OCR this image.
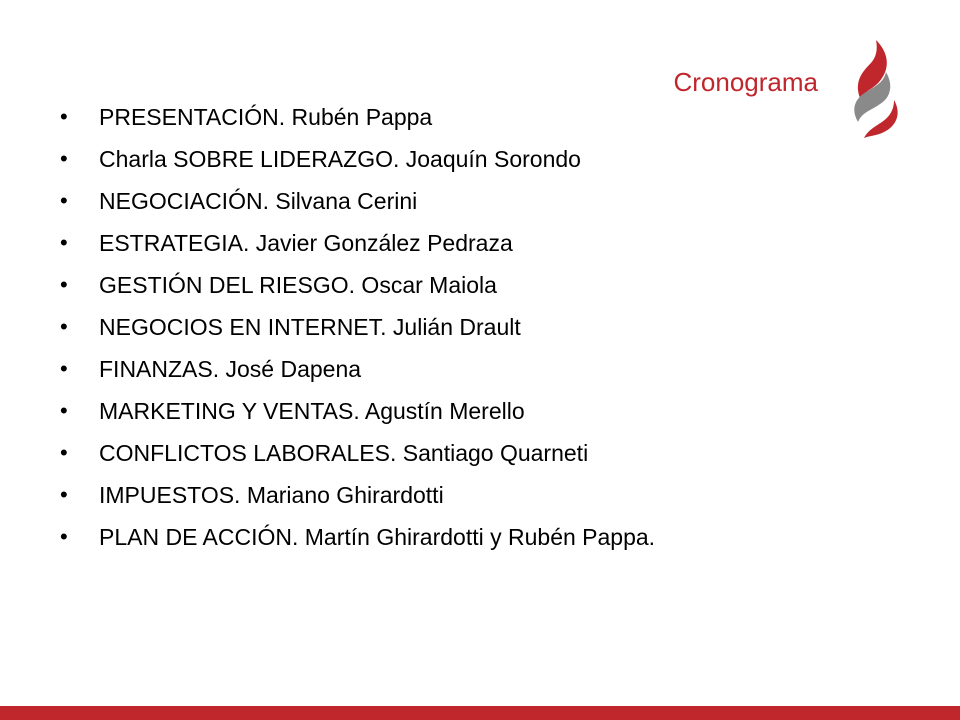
Cronograma
• PRESENTACIÓN. Rubén Pappa
• Charla SOBRE LIDERAZGO. Joaquín Sorondo
• NEGOCIACIÓN. Silvana Cerini
• ESTRATEGIA. Javier González Pedraza
• GESTIÓN DEL RIESGO. Oscar Maiola
• NEGOCIOS EN INTERNET. Julián Drault
• FINANZAS. José Dapena
• MARKETING Y VENTAS. Agustín Merello
• CONFLICTOS LABORALES. Santiago Quarneti
• IMPUESTOS. Mariano Ghirardotti
• PLAN DE ACCIÓN. Martín Ghirardotti y Rubén Pappa.
